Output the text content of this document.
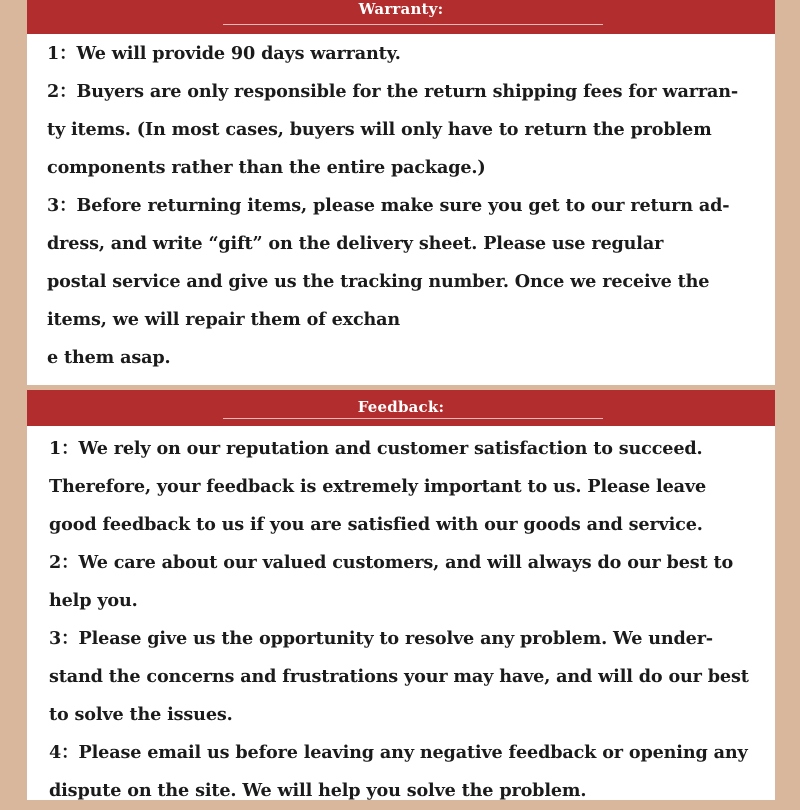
Warranty:
1：We will provide 90 days warranty.
2：Buyers are only responsible for the return shipping fees for warran-
ty items. (In most cases, buyers will only have to return the problem
components rather than the entire package.)
3：Before returning items, please make sure you get to our return ad-
dress, and write “gift” on the delivery sheet. Please use regular
postal service and give us the tracking number. Once we receive the
items, we will repair them of exchan
e them asap.
Feedback:
1：We rely on our reputation and customer satisfaction to succeed.
Therefore, your feedback is extremely important to us. Please leave
good feedback to us if you are satisfied with our goods and service.
2：We care about our valued customers, and will always do our best to
help you.
3：Please give us the opportunity to resolve any problem. We under-
stand the concerns and frustrations your may have, and will do our best
to solve the issues.
4：Please email us before leaving any negative feedback or opening any
dispute on the site. We will help you solve the problem.
